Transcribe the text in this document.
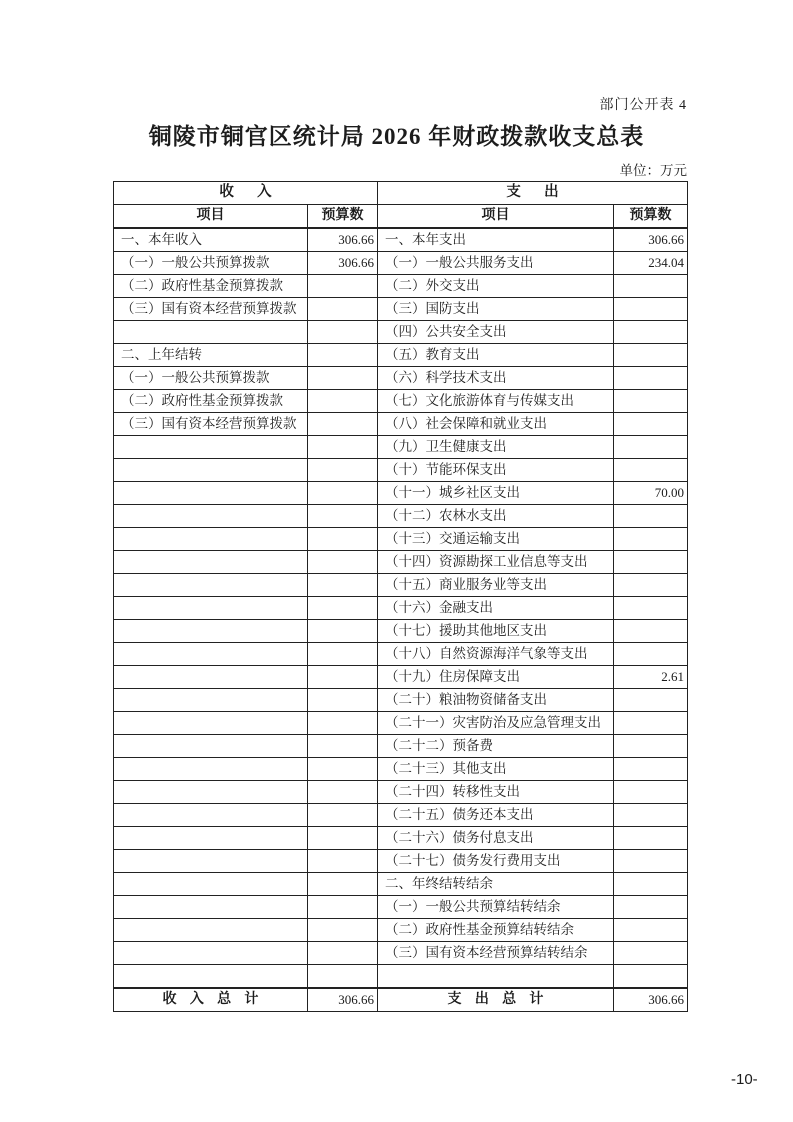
部门公开表 4
铜陵市铜官区统计局 2026 年财政拨款收支总表
单位：万元
收　入		支　出	
项目	预算数	项目	预算数
一、本年收入	306.66	一、本年支出	306.66
（一）一般公共预算拨款	306.66	（一）一般公共服务支出	234.04
（二）政府性基金预算拨款		（二）外交支出	
（三）国有资本经营预算拨款		（三）国防支出	
		（四）公共安全支出	
二、上年结转		（五）教育支出	
（一）一般公共预算拨款		（六）科学技术支出	
（二）政府性基金预算拨款		（七）文化旅游体育与传媒支出	
（三）国有资本经营预算拨款		（八）社会保障和就业支出	
		（九）卫生健康支出	
		（十）节能环保支出	
		（十一）城乡社区支出	70.00
		（十二）农林水支出	
		（十三）交通运输支出	
		（十四）资源勘探工业信息等支出	
		（十五）商业服务业等支出	
		（十六）金融支出	
		（十七）援助其他地区支出	
		（十八）自然资源海洋气象等支出	
		（十九）住房保障支出	2.61
		（二十）粮油物资储备支出	
		（二十一）灾害防治及应急管理支出	
		（二十二）预备费	
		（二十三）其他支出	
		（二十四）转移性支出	
		（二十五）债务还本支出	
		（二十六）债务付息支出	
		（二十七）债务发行费用支出	
		二、年终结转结余	
		（一）一般公共预算结转结余	
		（二）政府性基金预算结转结余	
		（三）国有资本经营预算结转结余	

收 入 总 计	306.66	支 出 总 计	306.66
-10-
